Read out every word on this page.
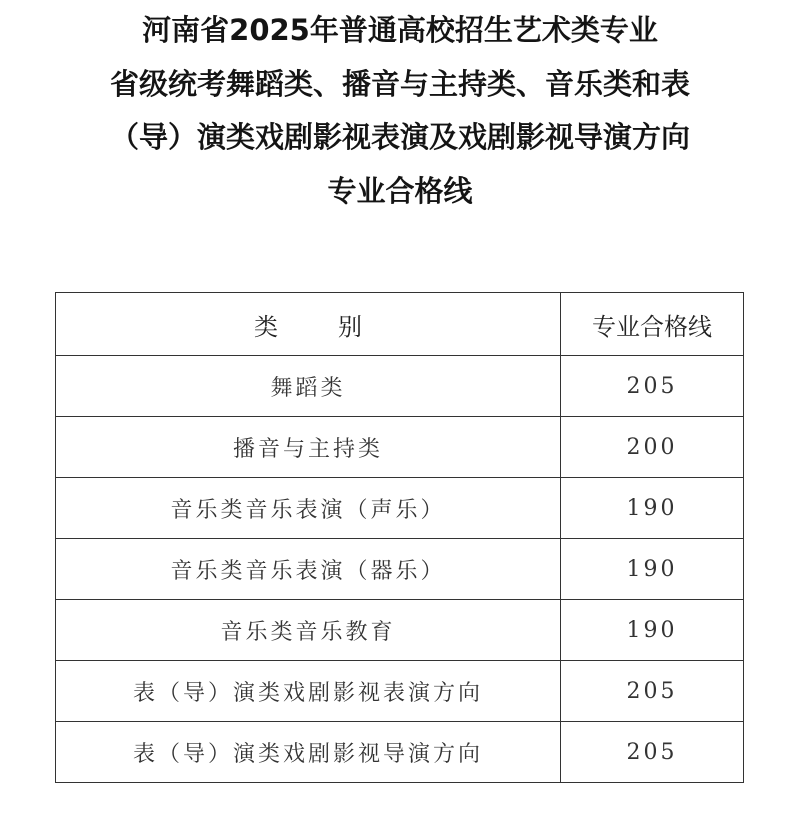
河南省2025年普通高校招生艺术类专业
省级统考舞蹈类、播音与主持类、音乐类和表
（导）演类戏剧影视表演及戏剧影视导演方向
专业合格线
类别	专业合格线
舞蹈类	205
播音与主持类	200
音乐类音乐表演（声乐）	190
音乐类音乐表演（器乐）	190
音乐类音乐教育	190
表（导）演类戏剧影视表演方向	205
表（导）演类戏剧影视导演方向	205
